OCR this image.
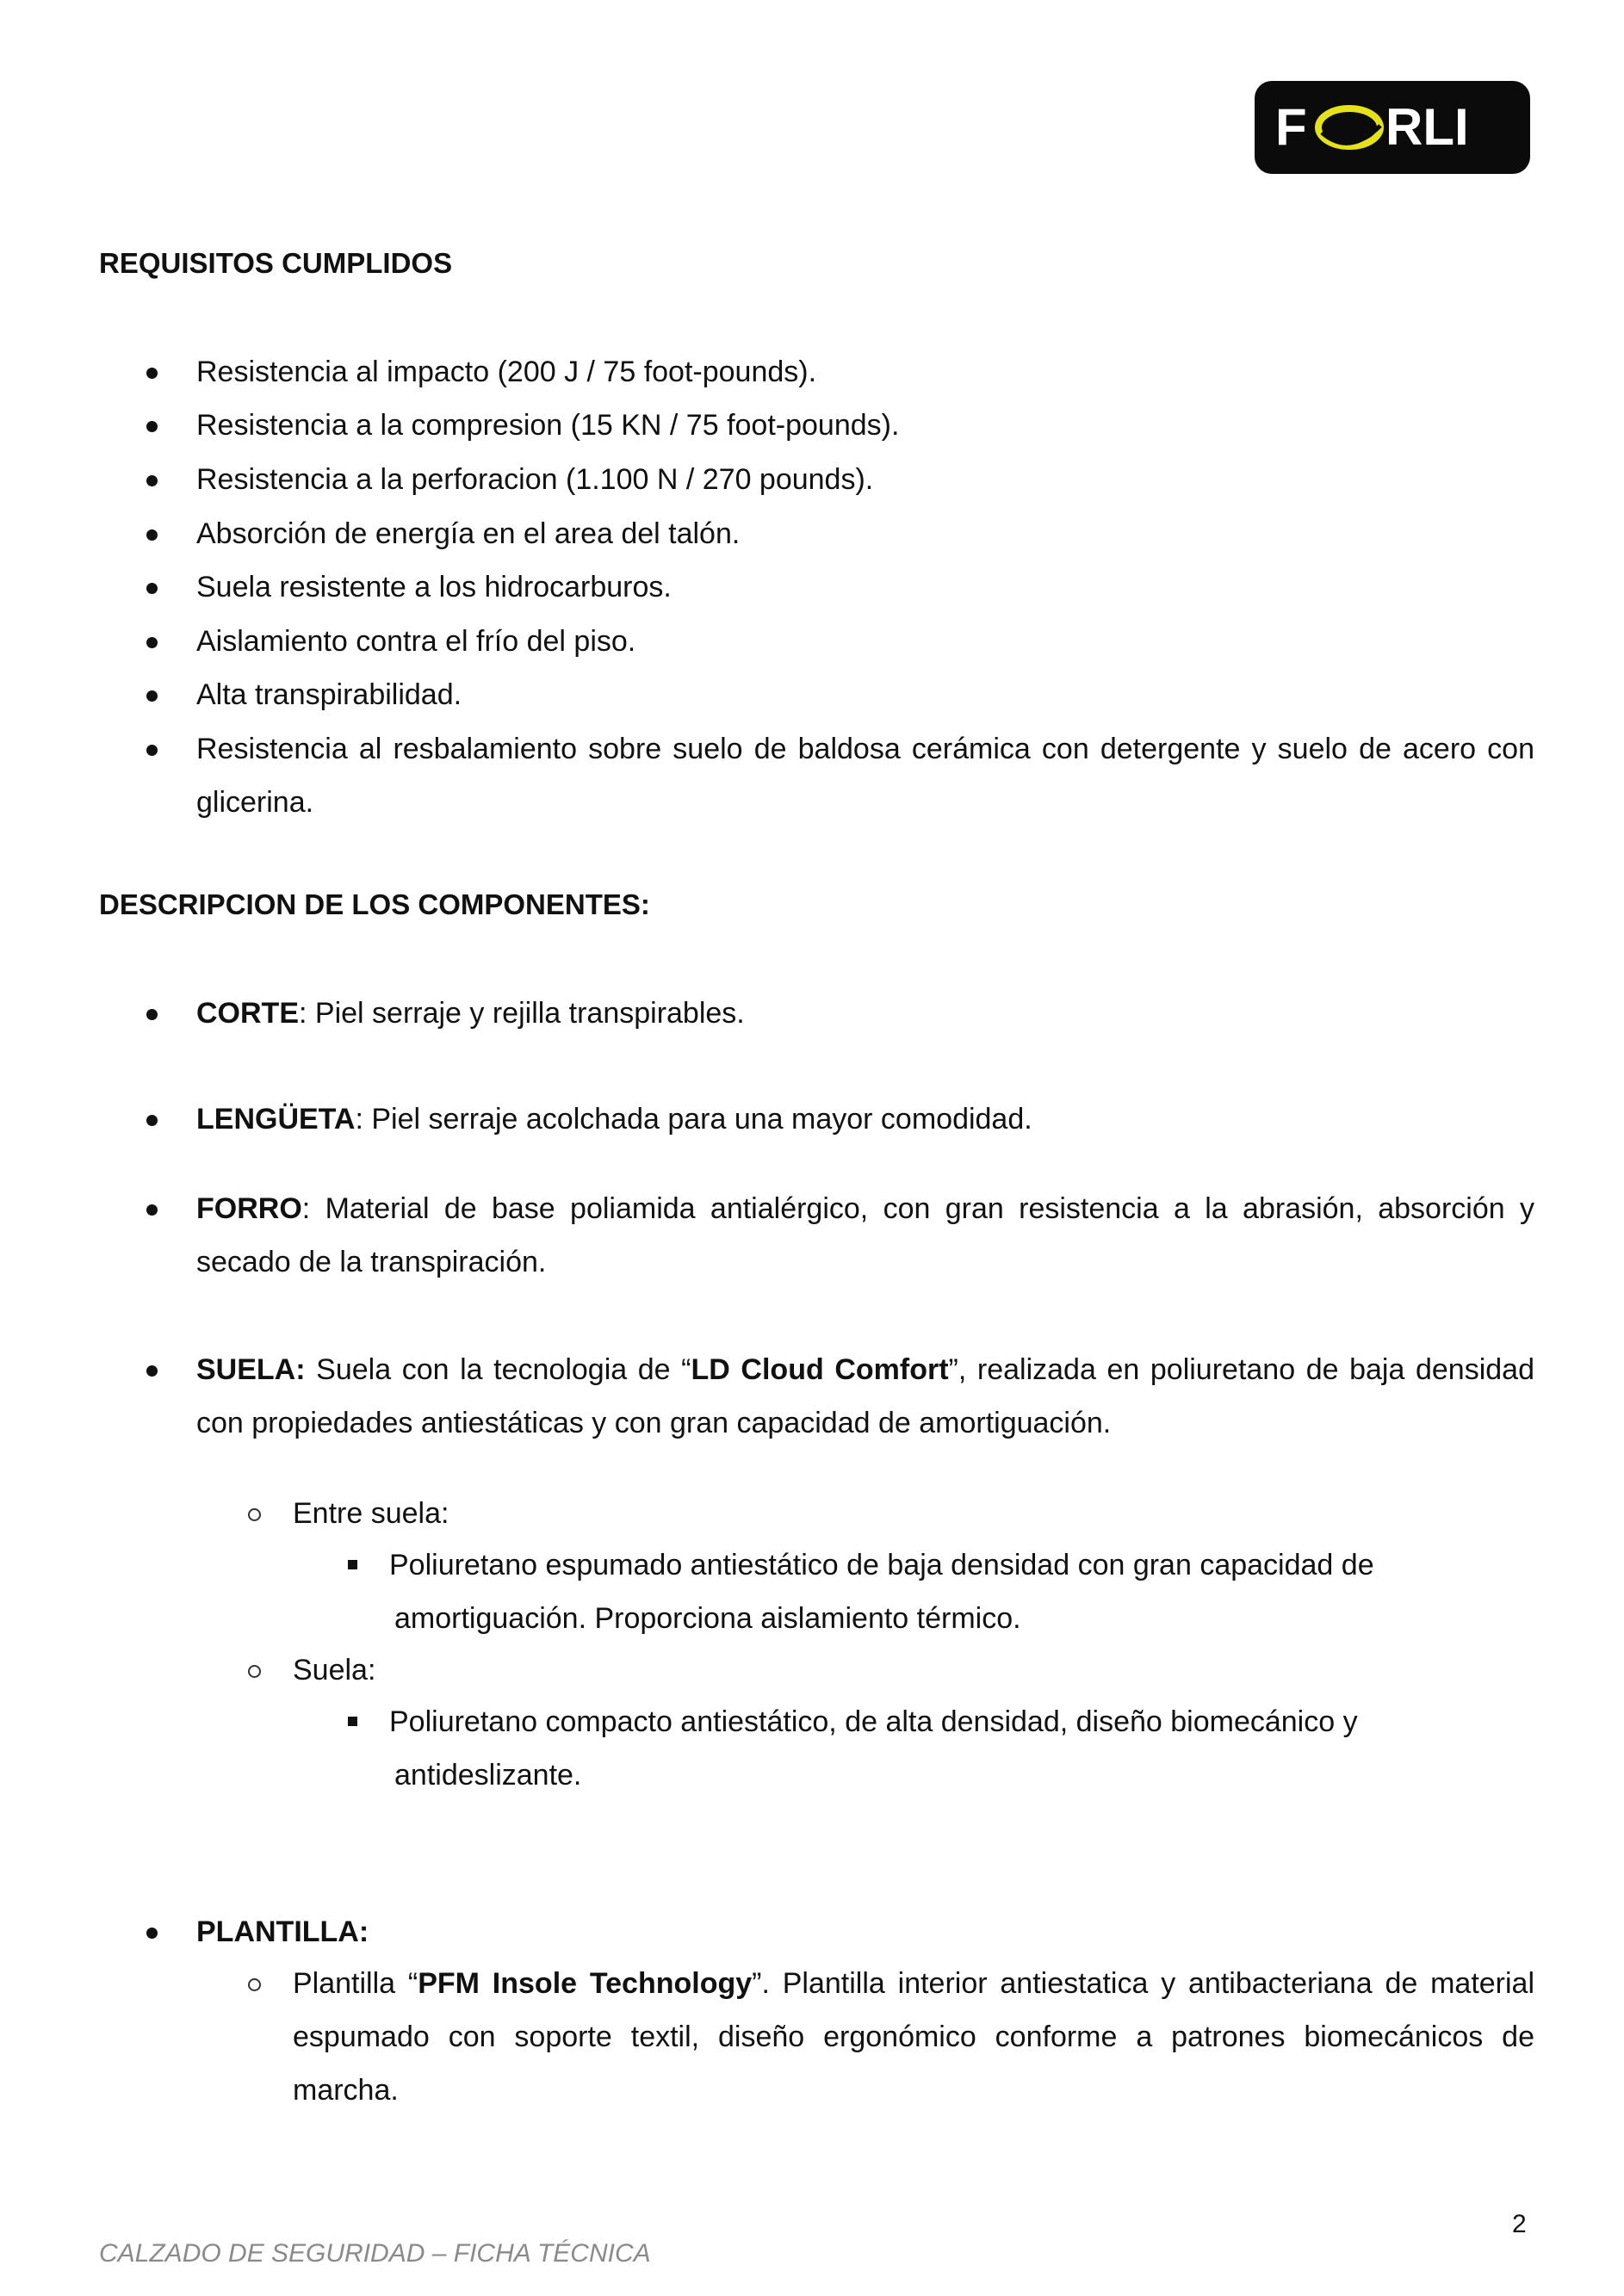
F RLI
REQUISITOS CUMPLIDOS
Resistencia al impacto (200 J / 75 foot-pounds).
Resistencia a la compresion (15 KN / 75 foot-pounds).
Resistencia a la perforacion (1.100 N / 270 pounds).
Absorción de energía en el area del talón.
Suela resistente a los hidrocarburos.
Aislamiento contra el frío del piso.
Alta transpirabilidad.
Resistencia al resbalamiento sobre suelo de baldosa cerámica con detergente y suelo de acero con glicerina.
DESCRIPCION DE LOS COMPONENTES:
CORTE: Piel serraje y rejilla transpirables.
LENGÜETA: Piel serraje acolchada para una mayor comodidad.
FORRO: Material de base poliamida antialérgico, con gran resistencia a la abrasión, absorción y secado de la transpiración.
SUELA: Suela con la tecnologia de “LD Cloud Comfort”, realizada en poliuretano de baja densidad con propiedades antiestáticas y con gran capacidad de amortiguación.
Entre suela:
Poliuretano espumado antiestático de baja densidad con gran capacidad de
amortiguación. Proporciona aislamiento térmico.
Suela:
Poliuretano compacto antiestático, de alta densidad, diseño biomecánico y
antideslizante.
PLANTILLA:
Plantilla “PFM Insole Technology”. Plantilla interior antiestatica y antibacteriana de material espumado con soporte textil, diseño ergonómico conforme a patrones biomecánicos de marcha.
2
CALZADO DE SEGURIDAD – FICHA TÉCNICA
